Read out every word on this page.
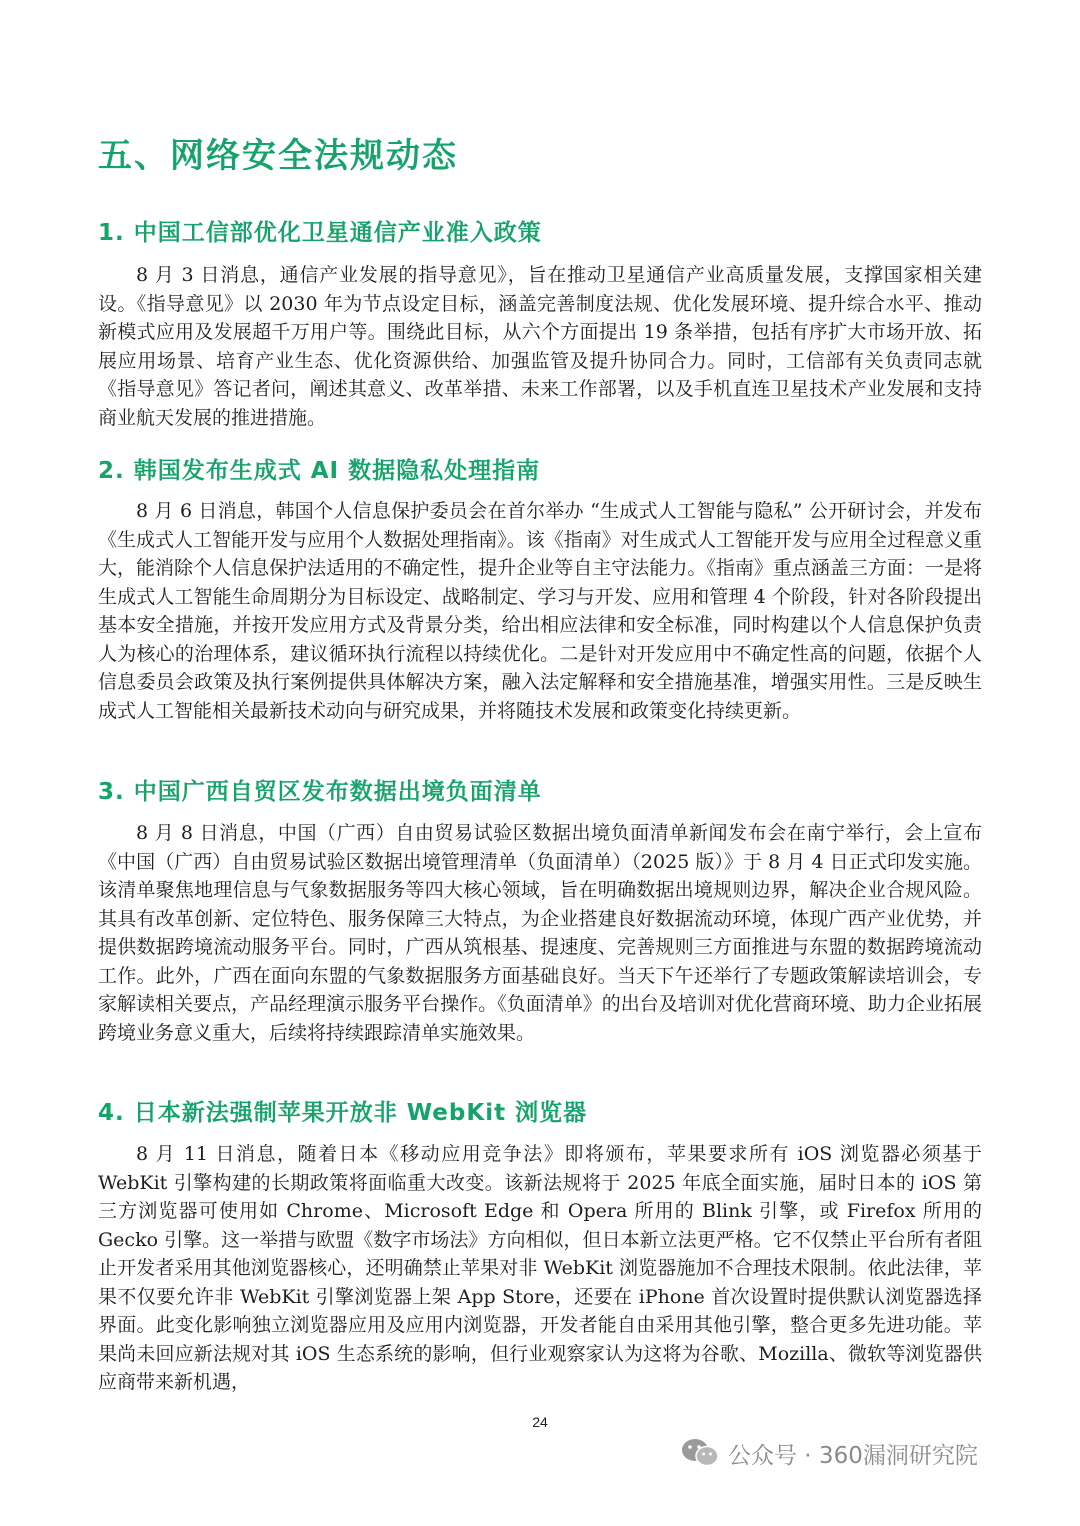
五、网络安全法规动态
1. 中国工信部优化卫星通信产业准入政策
8 月 3 日消息，通信产业发展的指导意见》，旨在推动卫星通信产业高质量发展，支撑国家相关建设。《指导意见》以 2030 年为节点设定目标，涵盖完善制度法规、优化发展环境、提升综合水平、推动新模式应用及发展超千万用户等。围绕此目标，从六个方面提出 19 条举措，包括有序扩大市场开放、拓展应用场景、培育产业生态、优化资源供给、加强监管及提升协同合力。同时，工信部有关负责同志就《指导意见》答记者问，阐述其意义、改革举措、未来工作部署，以及手机直连卫星技术产业发展和支持商业航天发展的推进措施。
2. 韩国发布生成式 AI 数据隐私处理指南
8 月 6 日消息，韩国个人信息保护委员会在首尔举办 “生成式人工智能与隐私” 公开研讨会，并发布《生成式人工智能开发与应用个人数据处理指南》。该《指南》对生成式人工智能开发与应用全过程意义重大，能消除个人信息保护法适用的不确定性，提升企业等自主守法能力。《指南》重点涵盖三方面：一是将生成式人工智能生命周期分为目标设定、战略制定、学习与开发、应用和管理 4 个阶段，针对各阶段提出基本安全措施，并按开发应用方式及背景分类，给出相应法律和安全标准，同时构建以个人信息保护负责人为核心的治理体系，建议循环执行流程以持续优化。二是针对开发应用中不确定性高的问题，依据个人信息委员会政策及执行案例提供具体解决方案，融入法定解释和安全措施基准，增强实用性。三是反映生成式人工智能相关最新技术动向与研究成果，并将随技术发展和政策变化持续更新。
3. 中国广西自贸区发布数据出境负面清单
8 月 8 日消息，中国（广西）自由贸易试验区数据出境负面清单新闻发布会在南宁举行，会上宣布《中国（广西）自由贸易试验区数据出境管理清单（负面清单）（2025 版）》于 8 月 4 日正式印发实施。该清单聚焦地理信息与气象数据服务等四大核心领域，旨在明确数据出境规则边界，解决企业合规风险。其具有改革创新、定位特色、服务保障三大特点，为企业搭建良好数据流动环境，体现广西产业优势，并提供数据跨境流动服务平台。同时，广西从筑根基、提速度、完善规则三方面推进与东盟的数据跨境流动工作。此外，广西在面向东盟的气象数据服务方面基础良好。当天下午还举行了专题政策解读培训会，专家解读相关要点，产品经理演示服务平台操作。《负面清单》的出台及培训对优化营商环境、助力企业拓展跨境业务意义重大，后续将持续跟踪清单实施效果。
4. 日本新法强制苹果开放非 WebKit 浏览器
8 月 11 日消息，随着日本《移动应用竞争法》即将颁布，苹果要求所有 iOS 浏览器必须基于 WebKit 引擎构建的长期政策将面临重大改变。该新法规将于 2025 年底全面实施，届时日本的 iOS 第三方浏览器可使用如 Chrome、Microsoft Edge 和 Opera 所用的 Blink 引擎，或 Firefox 所用的 Gecko 引擎。这一举措与欧盟《数字市场法》方向相似，但日本新立法更严格。它不仅禁止平台所有者阻止开发者采用其他浏览器核心，还明确禁止苹果对非 WebKit 浏览器施加不合理技术限制。依此法律，苹果不仅要允许非 WebKit 引擎浏览器上架 App Store，还要在 iPhone 首次设置时提供默认浏览器选择界面。此变化影响独立浏览器应用及应用内浏览器，开发者能自由采用其他引擎，整合更多先进功能。苹果尚未回应新法规对其 iOS 生态系统的影响，但行业观察家认为这将为谷歌、Mozilla、微软等浏览器供应商带来新机遇，
24
公众号 · 360漏洞研究院
